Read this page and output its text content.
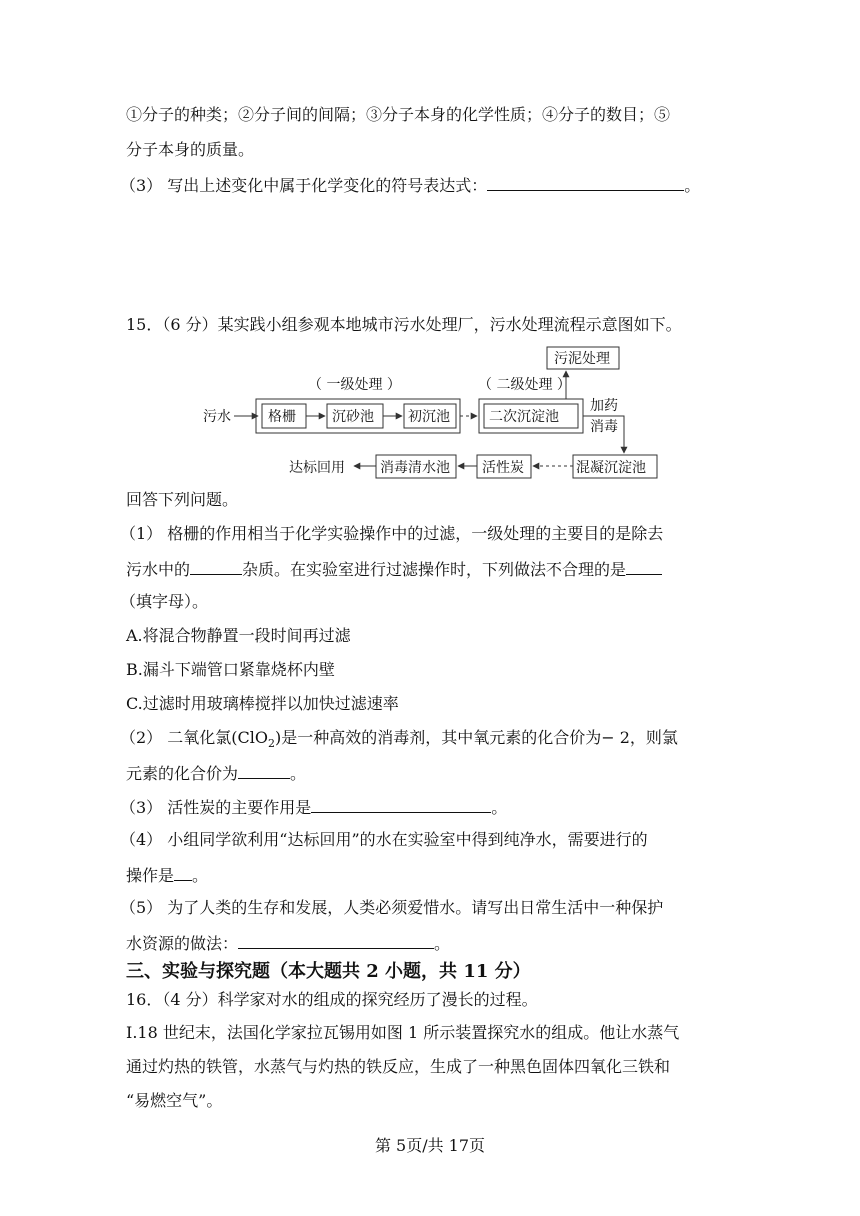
①分子的种类；②分子间的间隔；③分子本身的化学性质；④分子的数目；⑤
分子本身的质量。
（3） 写出上述变化中属于化学变化的符号表达式：	。
15．（6 分）某实践小组参观本地城市污水处理厂，污水处理流程示意图如下。
（ 一级处理 ）	（ 二级处理 ）
污水	格栅	沉砂池 初沉池	二次沉淀池
污泥处理
加药
消毒
混凝沉淀池
活性炭
消毒清水池
达标回用
回答下列问题。
（1） 格栅的作用相当于化学实验操作中的过滤，一级处理的主要目的是除去
污水中的	杂质。在实验室进行过滤操作时，下列做法不合理的是
（填字母）。
A.将混合物静置一段时间再过滤
B.漏斗下端管口紧靠烧杯内壁
C.过滤时用玻璃棒搅拌以加快过滤速率
（2） 二氧化氯(ClO$_2$)是一种高效的消毒剂，其中氧元素的化合价为− 2，则氯
元素的化合价为	。
（3） 活性炭的主要作用是	。
（4） 小组同学欲利用“达标回用”的水在实验室中得到纯净水，需要进行的
操作是 。
（5） 为了人类的生存和发展，人类必须爱惜水。请写出日常生活中一种保护
水资源的做法：	。
三、实验与探究题（本大题共 2 小题，共 11 分）
16．（4 分）科学家对水的组成的探究经历了漫长的过程。
Ⅰ.18 世纪末，法国化学家拉瓦锡用如图 1 所示装置探究水的组成。他让水蒸气
通过灼热的铁管，水蒸气与灼热的铁反应，生成了一种黑色固体四氧化三铁和
“易燃空气”。
第 5页/共 17页
